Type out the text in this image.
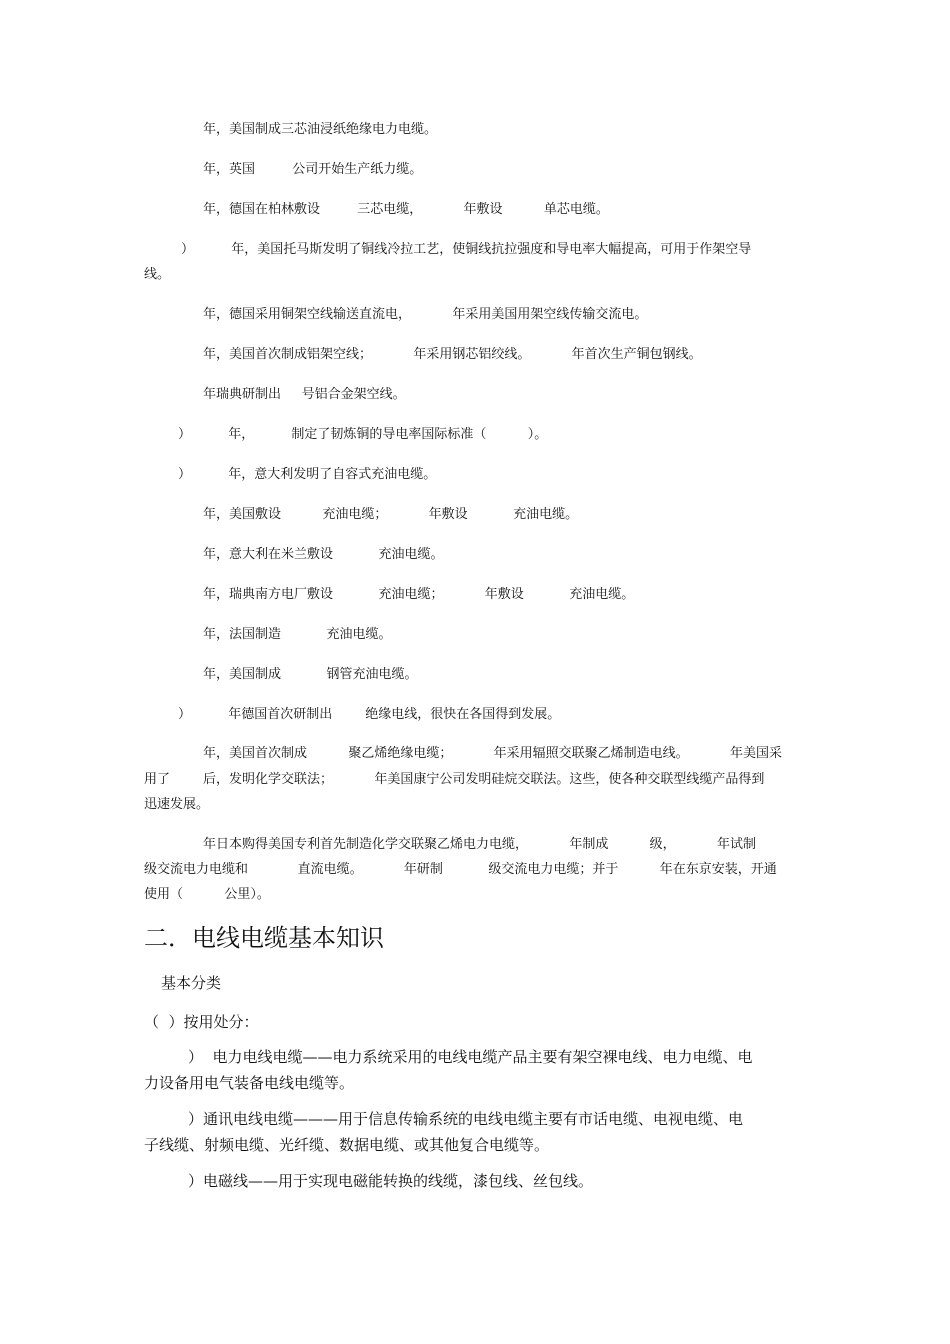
年，美国制成三芯油浸纸绝缘电力电缆。
年，英国         公司开始生产纸力缆。
年，德国在柏林敷设         三芯电缆，          年敷设          单芯电缆。
）         年，美国托马斯发明了铜线冷拉工艺，使铜线抗拉强度和导电率大幅提高，可用于作架空导
线。
年，德国采用铜架空线输送直流电，          年采用美国用架空线传输交流电。
年，美国首次制成铝架空线；          年采用钢芯铝绞线。          年首次生产铜包钢线。
年瑞典研制出     号铝合金架空线。
）         年，         制定了韧炼铜的导电率国际标准（          ）。
）         年，意大利发明了自容式充油电缆。
年，美国敷设          充油电缆；          年敷设           充油电缆。
年，意大利在米兰敷设           充油电缆。
年，瑞典南方电厂敷设           充油电缆；          年敷设           充油电缆。
年，法国制造           充油电缆。
年，美国制成           钢管充油电缆。
）         年德国首次研制出        绝缘电线，很快在各国得到发展。
年，美国首次制成          聚乙烯绝缘电缆；          年采用辐照交联聚乙烯制造电线。          年美国采
用了        后，发明化学交联法；          年美国康宁公司发明硅烷交联法。这些，使各种交联型线缆产品得到
迅速发展。
年日本购得美国专利首先制造化学交联聚乙烯电力电缆，          年制成          级，          年试制
级交流电力电缆和            直流电缆。          年研制           级交流电力电缆；并于          年在东京安装，开通
使用（          公里）。
二．电线电缆基本知识
基本分类
（  ）按用处分：
）  电力电线电缆——电力系统采用的电线电缆产品主要有架空裸电线、电力电缆、电
力设备用电气装备电线电缆等。
）通讯电线电缆———用于信息传输系统的电线电缆主要有市话电缆、电视电缆、电
子线缆、射频电缆、光纤缆、数据电缆、或其他复合电缆等。
）电磁线——用于实现电磁能转换的线缆，漆包线、丝包线。
